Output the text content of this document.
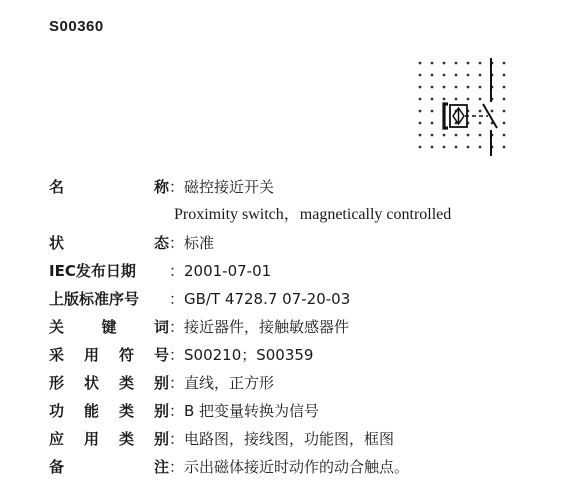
S00360
名	称 ：磁控接近开关
Proximity switch，magnetically controlled
状	态 ：标准
IEC发布日期	：2001-07-01
上版标准序号	：GB/T 4728.7 07-20-03
关 键 词 ：接近器件，接触敏感器件
采 用 符 号 ：S00210；S00359
形 状 类 别 ：直线，正方形
功 能 类 别 ：B 把变量转换为信号
应 用 类 别 ：电路图，接线图，功能图，框图
备	注 ：示出磁体接近时动作的动合触点。
